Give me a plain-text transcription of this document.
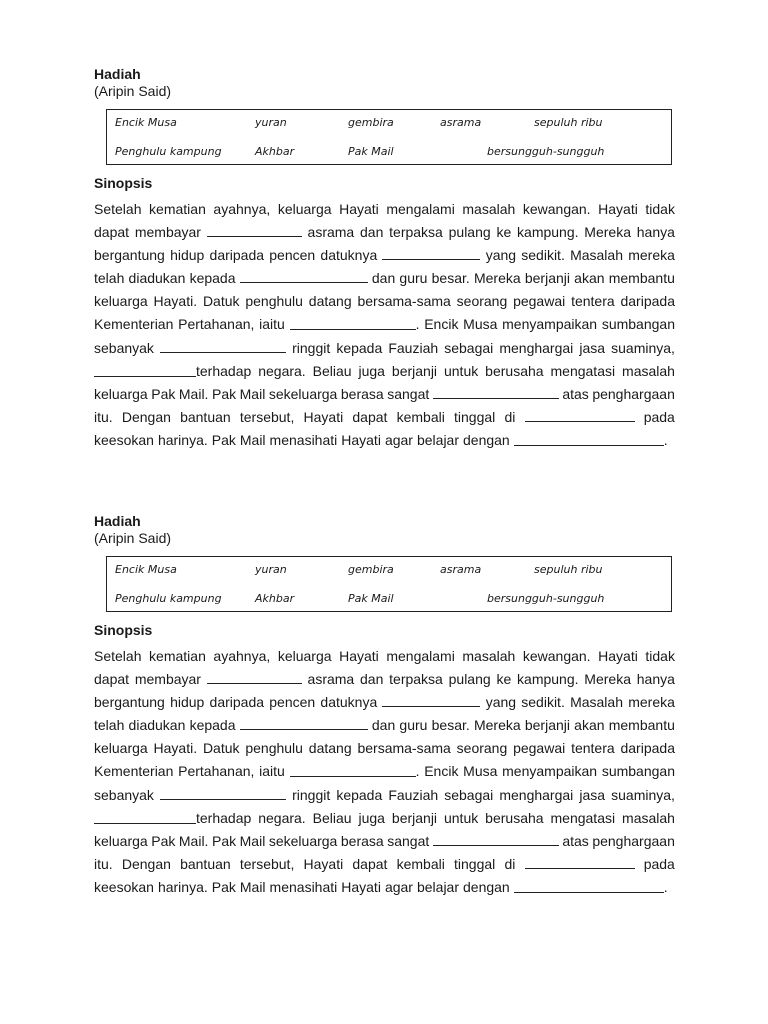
Hadiah

(Aripin Said)

Encik Musa	yuran	gembira	asrama	sepuluh ribu
Penghulu kampung	Akhbar	Pak Mail	bersungguh-sungguh

Sinopsis

Setelah kematian ayahnya, keluarga Hayati mengalami masalah kewangan. Hayati tidak
dapat membayar	asrama dan terpaksa pulang ke kampung. Mereka hanya
bergantung hidup daripada pencen datuknya	yang sedikit. Masalah mereka
telah diadukan kepada	dan guru besar. Mereka berjanji akan membantu
keluarga Hayati. Datuk penghulu datang bersama-sama seorang pegawai tentera daripada
Kementerian Pertahanan, iaitu	. Encik Musa menyampaikan sumbangan
sebanyak	ringgit kepada Fauziah sebagai menghargai jasa suaminya,
terhadap negara. Beliau juga berjanji untuk berusaha mengatasi masalah
keluarga Pak Mail. Pak Mail sekeluarga berasa sangat	atas penghargaan
itu. Dengan bantuan tersebut, Hayati dapat kembali tinggal di	pada
keesokan harinya. Pak Mail menasihati Hayati agar belajar dengan	.

Hadiah

(Aripin Said)

Encik Musa	yuran	gembira	asrama	sepuluh ribu
Penghulu kampung	Akhbar	Pak Mail	bersungguh-sungguh

Sinopsis

Setelah kematian ayahnya, keluarga Hayati mengalami masalah kewangan. Hayati tidak
dapat membayar	asrama dan terpaksa pulang ke kampung. Mereka hanya
bergantung hidup daripada pencen datuknya	yang sedikit. Masalah mereka
telah diadukan kepada	dan guru besar. Mereka berjanji akan membantu
keluarga Hayati. Datuk penghulu datang bersama-sama seorang pegawai tentera daripada
Kementerian Pertahanan, iaitu	. Encik Musa menyampaikan sumbangan
sebanyak	ringgit kepada Fauziah sebagai menghargai jasa suaminya,
terhadap negara. Beliau juga berjanji untuk berusaha mengatasi masalah
keluarga Pak Mail. Pak Mail sekeluarga berasa sangat	atas penghargaan
itu. Dengan bantuan tersebut, Hayati dapat kembali tinggal di	pada
keesokan harinya. Pak Mail menasihati Hayati agar belajar dengan	.
